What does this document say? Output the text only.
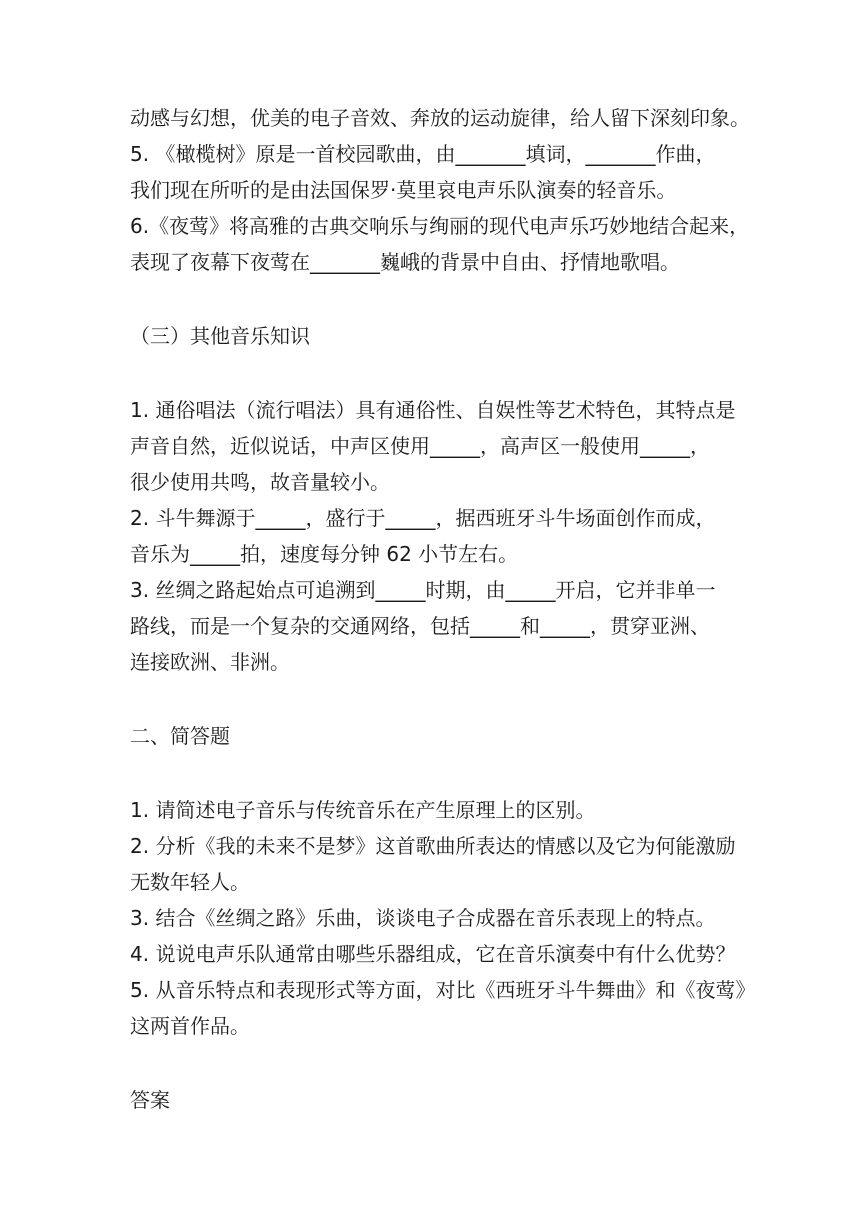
动感与幻想，优美的电子音效、奔放的运动旋律，给人留下深刻印象。
5. 《橄榄树》原是一首校园歌曲，由_______填词，_______作曲，
我们现在所听的是由法国保罗·莫里哀电声乐队演奏的轻音乐。
6.《夜莺》将高雅的古典交响乐与绚丽的现代电声乐巧妙地结合起来，
表现了夜幕下夜莺在_______巍峨的背景中自由、抒情地歌唱。
（三）其他音乐知识
1. 通俗唱法（流行唱法）具有通俗性、自娱性等艺术特色，其特点是
声音自然，近似说话，中声区使用_____，高声区一般使用_____，
很少使用共鸣，故音量较小。
2. 斗牛舞源于_____，盛行于_____，据西班牙斗牛场面创作而成，
音乐为_____拍，速度每分钟 62 小节左右。
3. 丝绸之路起始点可追溯到_____时期，由_____开启，它并非单一
路线，而是一个复杂的交通网络，包括_____和_____，贯穿亚洲、
连接欧洲、非洲。
二、简答题
1. 请简述电子音乐与传统音乐在产生原理上的区别。
2. 分析《我的未来不是梦》这首歌曲所表达的情感以及它为何能激励
无数年轻人。
3. 结合《丝绸之路》乐曲，谈谈电子合成器在音乐表现上的特点。
4. 说说电声乐队通常由哪些乐器组成，它在音乐演奏中有什么优势？
5. 从音乐特点和表现形式等方面，对比《西班牙斗牛舞曲》和《夜莺》
这两首作品。
答案
